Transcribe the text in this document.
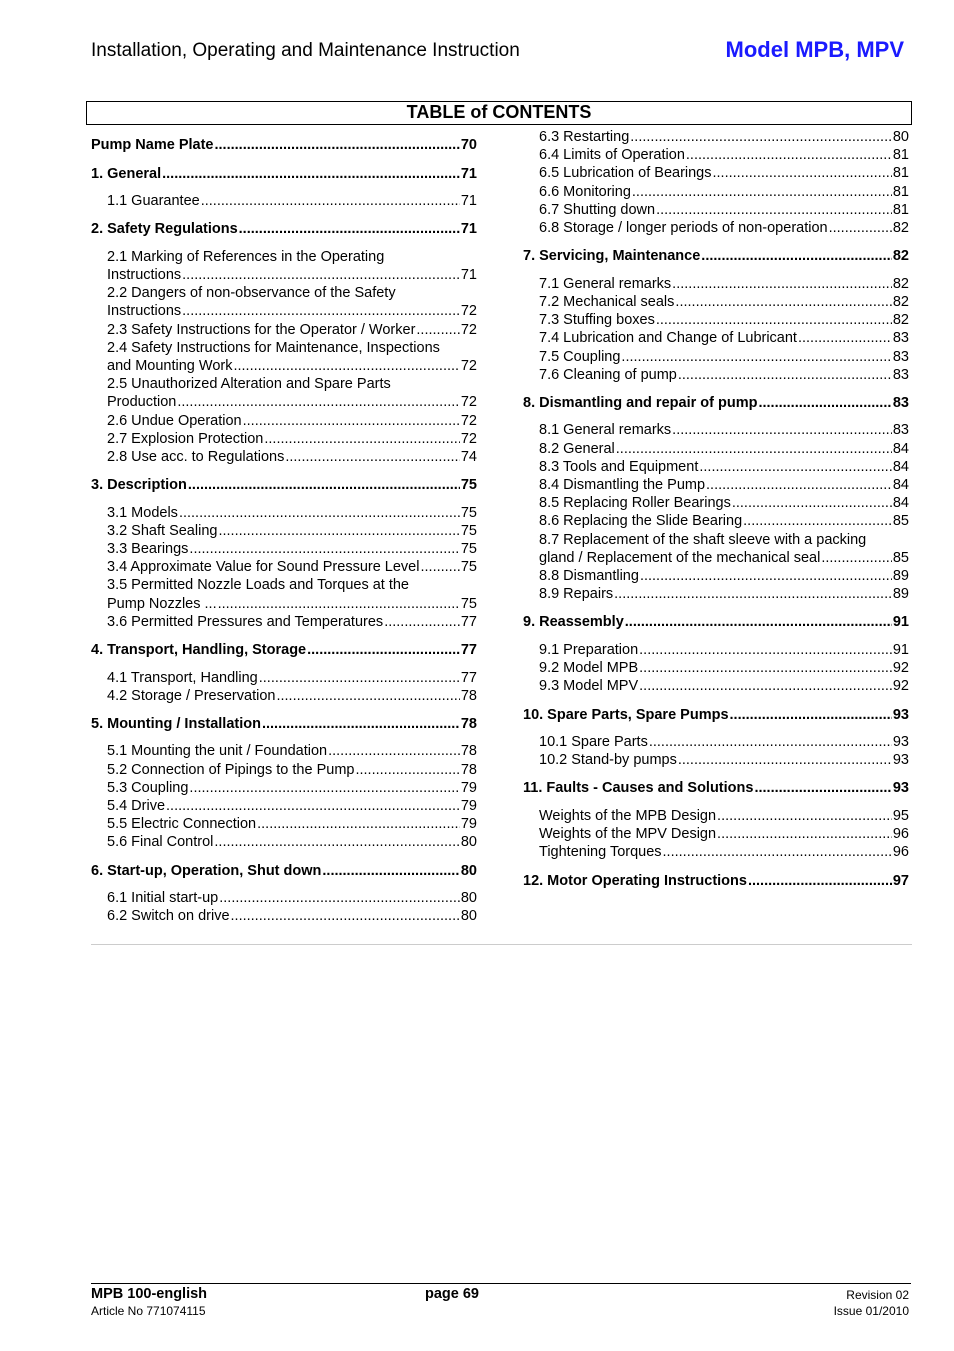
Installation, Operating and Maintenance Instruction	Model MPB, MPV
TABLE of CONTENTS
Pump Name Plate .....	70
1. General .....	71
1.1 Guarantee .....	71
2. Safety Regulations .....	71
2.1 Marking of References in the Operating
Instructions .....	71
2.2 Dangers of non-observance of the Safety
Instructions .....	72
2.3 Safety Instructions for the Operator / Worker .....	72
2.4 Safety Instructions for Maintenance, Inspections
and Mounting Work .....	72
2.5 Unauthorized Alteration and Spare Parts
Production .....	72
2.6 Undue Operation .....	72
2.7 Explosion Protection .....	72
2.8 Use acc. to Regulations .....	74
3. Description .....	75
3.1 Models .....	75
3.2 Shaft Sealing .....	75
3.3 Bearings .....	75
3.4 Approximate Value for Sound Pressure Level .....	75
3.5 Permitted Nozzle Loads and Torques at the
Pump Nozzles ... .....	75
3.6 Permitted Pressures and Temperatures .....	77
4. Transport, Handling, Storage .....	77
4.1 Transport, Handling .....	77
4.2 Storage / Preservation .....	78
5. Mounting / Installation .....	78
5.1 Mounting the unit / Foundation .....	78
5.2 Connection of Pipings to the Pump .....	78
5.3 Coupling .....	79
5.4 Drive .....	79
5.5 Electric Connection .....	79
5.6 Final Control .....	80
6. Start-up, Operation, Shut down .....	80
6.1 Initial start-up .....	80
6.2 Switch on drive .....	80
6.3 Restarting .....	80
6.4 Limits of Operation .....	81
6.5 Lubrication of Bearings .....	81
6.6 Monitoring .....	81
6.7 Shutting down .....	81
6.8 Storage / longer periods of non-operation .....	82
7. Servicing, Maintenance .....	82
7.1 General remarks .....	82
7.2 Mechanical seals .....	82
7.3 Stuffing boxes .....	82
7.4 Lubrication and Change of Lubricant .....	83
7.5 Coupling .....	83
7.6 Cleaning of pump .....	83
8. Dismantling and repair of pump .....	83
8.1 General remarks .....	83
8.2 General .....	84
8.3 Tools and Equipment .....	84
8.4 Dismantling the Pump .....	84
8.5 Replacing Roller Bearings .....	84
8.6 Replacing the Slide Bearing .....	85
8.7 Replacement of the shaft sleeve with a packing
gland / Replacement of the mechanical seal .....	85
8.8 Dismantling .....	89
8.9 Repairs .....	89
9. Reassembly .....	91
9.1 Preparation .....	91
9.2 Model MPB .....	92
9.3 Model MPV .....	92
10. Spare Parts, Spare Pumps .....	93
10.1 Spare Parts .....	93
10.2 Stand-by pumps .....	93
11. Faults - Causes and Solutions .....	93
Weights of the MPB Design .....	95
Weights of the MPV Design .....	96
Tightening Torques .....	96
12. Motor Operating Instructions .....	97
MPB 100-english
Article No 771074115
page 69	Revision 02
Issue 01/2010
